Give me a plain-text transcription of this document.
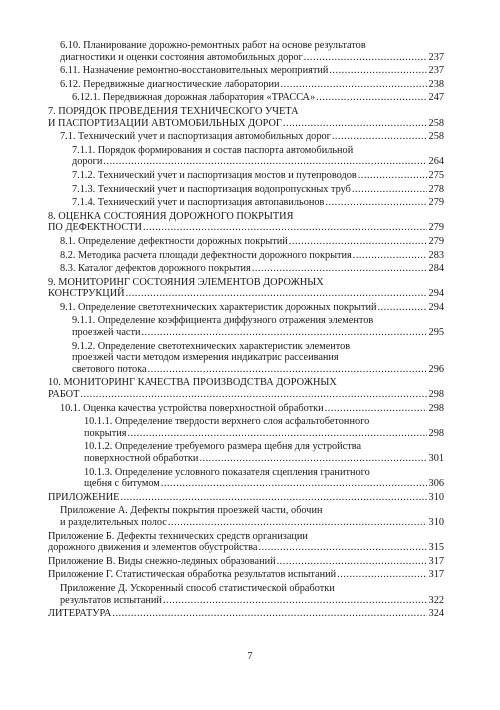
6.10. Планирование дорожно-ремонтных работ на основе результатов
диагностики и оценки состояния автомобильных дорог .....	237
6.11. Назначение ремонтно-восстановительных мероприятий .....	237
6.12. Передвижные диагностические лаборатории .....	238
6.12.1. Передвижная дорожная лаборатория «ТРАССА» .....	247
7. ПОРЯДОК ПРОВЕДЕНИЯ ТЕХНИЧЕСКОГО УЧЕТА
И ПАСПОРТИЗАЦИИ АВТОМОБИЛЬНЫХ ДОРОГ .....	258
7.1. Технический учет и паспортизация автомобильных дорог .....	258
7.1.1. Порядок формирования и состав паспорта автомобильной
дороги .....	264
7.1.2. Технический учет и паспортизация мостов и путепроводов .....	275
7.1.3. Технический учет и паспортизация водопропускных труб .....	278
7.1.4. Технический учет и паспортизация автопавильонов .....	279
8. ОЦЕНКА СОСТОЯНИЯ ДОРОЖНОГО ПОКРЫТИЯ
ПО ДЕФЕКТНОСТИ .....	279
8.1. Определение дефектности дорожных покрытий .....	279
8.2. Методика расчета площади дефектности дорожного покрытия .....	283
8.3. Каталог дефектов дорожного покрытия .....	284
9. МОНИТОРИНГ СОСТОЯНИЯ ЭЛЕМЕНТОВ ДОРОЖНЫХ
КОНСТРУКЦИЙ .....	294
9.1. Определение светотехнических характеристик дорожных покрытий .....	294
9.1.1. Определение коэффициента диффузного отражения элементов
проезжей части .....	295
9.1.2. Определение светотехнических характеристик элементов
проезжей части методом измерения индикатрис рассеивания
светового потока .....	296
10. МОНИТОРИНГ КАЧЕСТВА ПРОИЗВОДСТВА ДОРОЖНЫХ
РАБОТ .....	298
10.1. Оценка качества устройства поверхностной обработки .....	298
10.1.1. Определение твердости верхнего слоя асфальтобетонного
покрытия .....	298
10.1.2. Определение требуемого размера щебня для устройства
поверхностной обработки .....	301
10.1.3. Определение условного показателя сцепления гранитного
щебня с битумом .....	306
ПРИЛОЖЕНИЕ .....	310
Приложение А. Дефекты покрытия проезжей части, обочин
и разделительных полос .....	310
Приложение Б. Дефекты технических средств организации
дорожного движения и элементов обустройства .....	315
Приложение В. Виды снежно-ледяных образований .....	317
Приложение Г. Статистическая обработка результатов испытаний .....	317
Приложение Д. Ускоренный способ статистической обработки
результатов испытаний .....	322
ЛИТЕРАТУРА .....	324
7
